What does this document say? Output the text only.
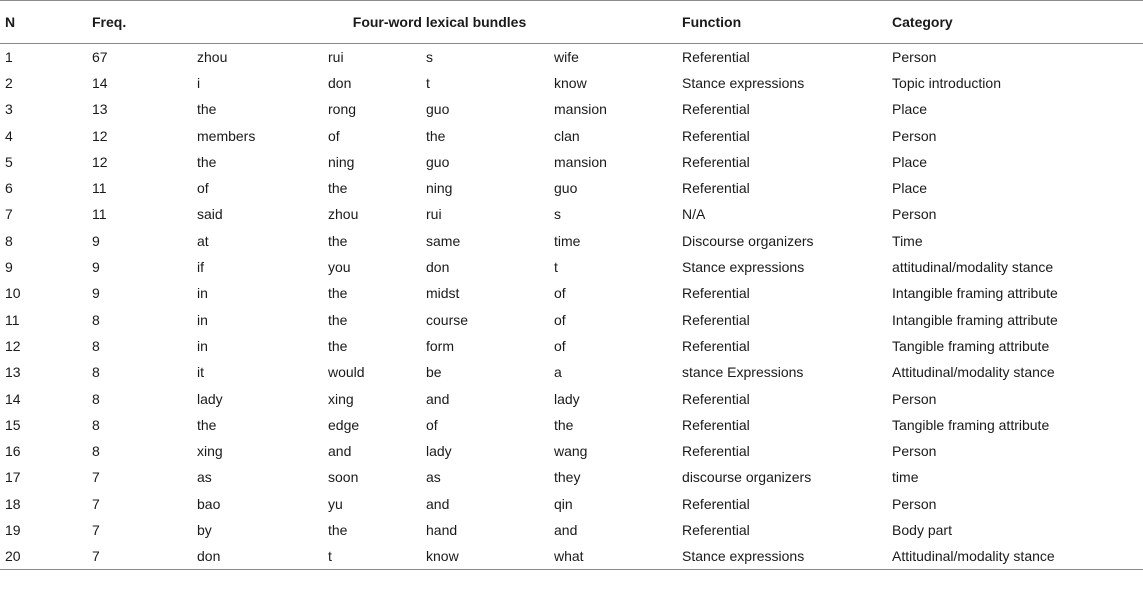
N	Freq.	Four-word lexical bundles				Function	Category
1	67	zhou	rui	s	wife	Referential	Person
2	14	i	don	t	know	Stance expressions	Topic introduction
3	13	the	rong	guo	mansion	Referential	Place
4	12	members	of	the	clan	Referential	Person
5	12	the	ning	guo	mansion	Referential	Place
6	11	of	the	ning	guo	Referential	Place
7	11	said	zhou	rui	s	N/A	Person
8	9	at	the	same	time	Discourse organizers	Time
9	9	if	you	don	t	Stance expressions	attitudinal/modality stance
10	9	in	the	midst	of	Referential	Intangible framing attribute
11	8	in	the	course	of	Referential	Intangible framing attribute
12	8	in	the	form	of	Referential	Tangible framing attribute
13	8	it	would	be	a	stance Expressions	Attitudinal/modality stance
14	8	lady	xing	and	lady	Referential	Person
15	8	the	edge	of	the	Referential	Tangible framing attribute
16	8	xing	and	lady	wang	Referential	Person
17	7	as	soon	as	they	discourse organizers	time
18	7	bao	yu	and	qin	Referential	Person
19	7	by	the	hand	and	Referential	Body part
20	7	don	t	know	what	Stance expressions	Attitudinal/modality stance
